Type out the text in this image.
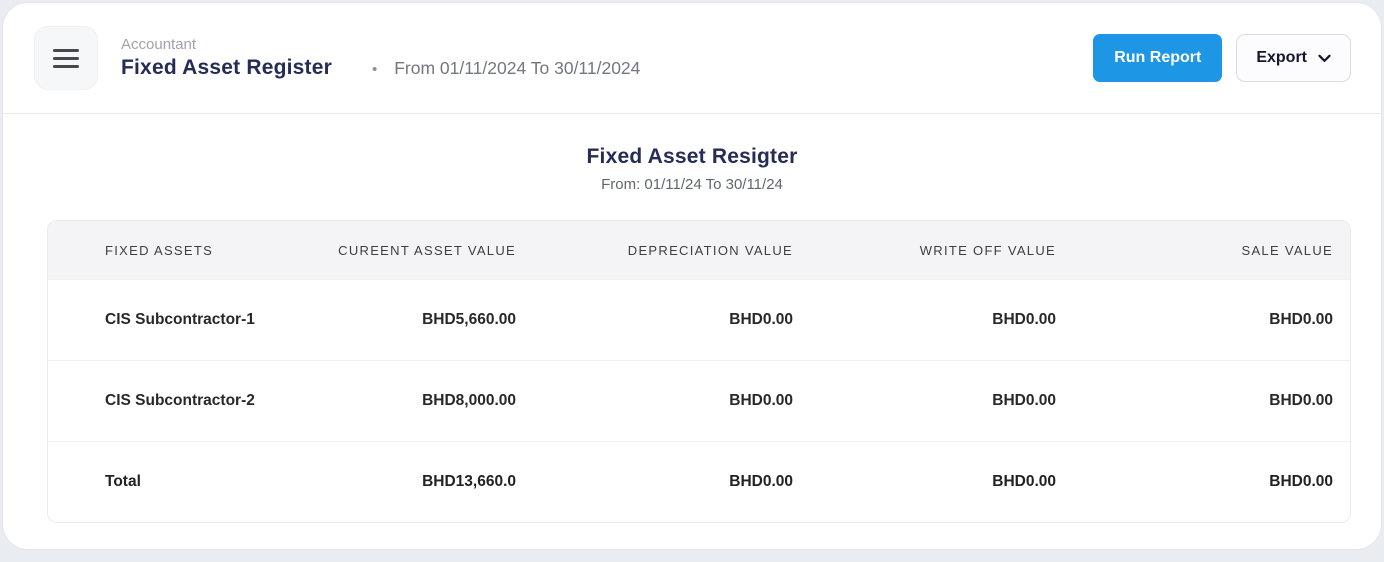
Accountant
Fixed Asset Register	• From 01/11/2024 To 30/11/2024
Run Report	Export
Fixed Asset Resigter
From: 01/11/24 To 30/11/24
FIXED ASSETS	CUREENT ASSET VALUE	DEPRECIATION VALUE	WRITE OFF VALUE	SALE VALUE
CIS Subcontractor-1	BHD5,660.00	BHD0.00	BHD0.00	BHD0.00
CIS Subcontractor-2	BHD8,000.00	BHD0.00	BHD0.00	BHD0.00
Total	BHD13,660.0	BHD0.00	BHD0.00	BHD0.00
